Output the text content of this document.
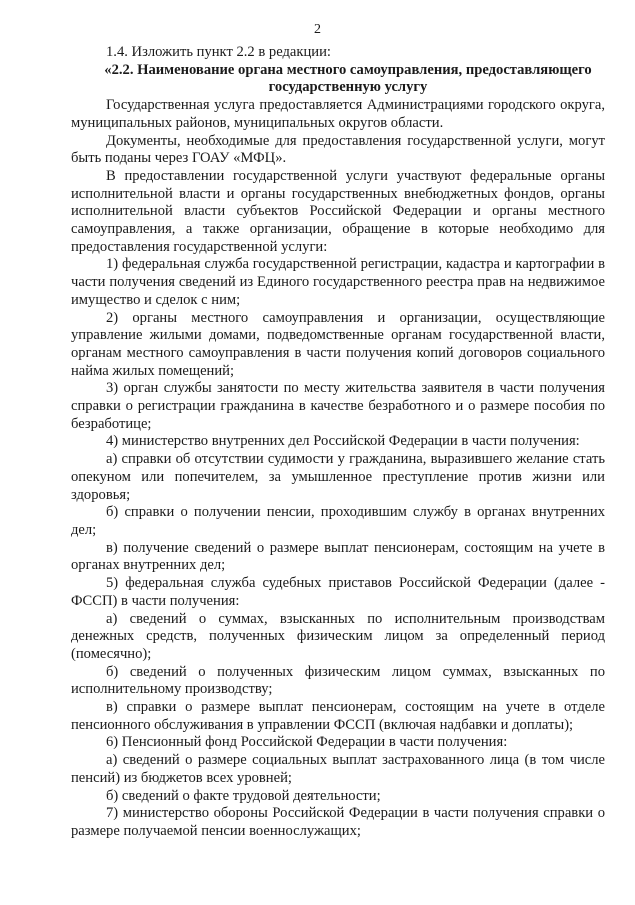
2

1.4. Изложить пункт 2.2 в редакции:

«2.2. Наименование органа местного самоуправления, предоставляющего государственную услугу

Государственная услуга предоставляется Администрациями городского округа, муниципальных районов, муниципальных округов области.

Документы, необходимые для предоставления государственной услуги, могут быть поданы через ГОАУ «МФЦ».

В предоставлении государственной услуги участвуют федеральные органы исполнительной власти и органы государственных внебюджетных фондов, органы исполнительной власти субъектов Российской Федерации и органы местного самоуправления, а также организации, обращение в которые необходимо для предоставления государственной услуги:

1) федеральная служба государственной регистрации, кадастра и картографии в части получения сведений из Единого государственного реестра прав на недвижимое имущество и сделок с ним;

2) органы местного самоуправления и организации, осуществляющие управление жилыми домами, подведомственные органам государственной власти, органам местного самоуправления в части получения копий договоров социального найма жилых помещений;

3) орган службы занятости по месту жительства заявителя в части получения справки о регистрации гражданина в качестве безработного и о размере пособия по безработице;

4) министерство внутренних дел Российской Федерации в части получения:

а) справки об отсутствии судимости у гражданина, выразившего желание стать опекуном или попечителем, за умышленное преступление против жизни или здоровья;

б) справки о получении пенсии, проходившим службу в органах внутренних дел;

в) получение сведений о размере выплат пенсионерам, состоящим на учете в органах внутренних дел;

5) федеральная служба судебных приставов Российской Федерации (далее - ФССП) в части получения:

а) сведений о суммах, взысканных по исполнительным производствам денежных средств, полученных физическим лицом за определенный период (помесячно);

б) сведений о полученных физическим лицом суммах, взысканных по исполнительному производству;

в) справки о размере выплат пенсионерам, состоящим на учете в отделе пенсионного обслуживания в управлении ФССП (включая надбавки и доплаты);

6) Пенсионный фонд Российской Федерации в части получения:

а) сведений о размере социальных выплат застрахованного лица (в том числе пенсий) из бюджетов всех уровней;

б) сведений о факте трудовой деятельности;

7) министерство обороны Российской Федерации в части получения справки о размере получаемой пенсии военнослужащих;
